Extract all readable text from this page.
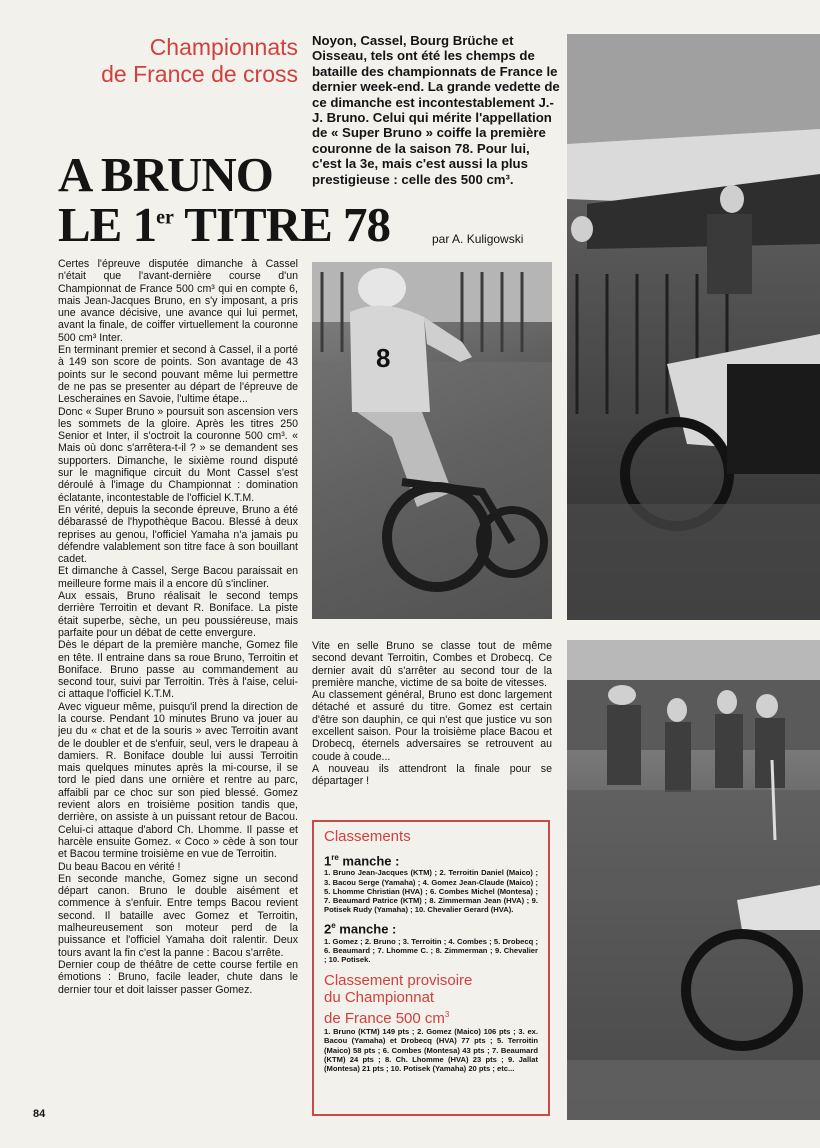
Championnats
de France de cross
Noyon, Cassel, Bourg Brüche et Oisseau, tels ont été les chemps de bataille des championnats de France le dernier week-end. La grande vedette de ce dimanche est incontestablement J.-J. Bruno. Celui qui mérite l'appellation de « Super Bruno » coiffe la première couronne de la saison 78. Pour lui, c'est la 3e, mais c'est aussi la plus prestigieuse : celle des 500 cm³.
A BRUNO
LE 1er TITRE 78	par A. Kuligowski

Certes l'épreuve disputée dimanche à Cassel n'était que l'avant-dernière course d'un Championnat de France 500 cm³ qui en compte 6, mais Jean-Jacques Bruno, en s'y imposant, a pris une avance décisive, une avance qui lui permet, avant la finale, de coiffer virtuellement la couronne 500 cm³ Inter.

En terminant premier et second à Cassel, il a porté à 149 son score de points. Son avantage de 43 points sur le second pouvant même lui permettre de ne pas se presenter au départ de l'épreuve de Lescheraines en Savoie, l'ultime étape...

Donc « Super Bruno » poursuit son ascension vers les sommets de la gloire. Après les titres 250 Senior et Inter, il s'octroit la couronne 500 cm³. « Mais où donc s'arrêtera-t-il ? » se demandent ses supporters. Dimanche, le sixième round disputé sur le magnifique circuit du Mont Cassel s'est déroulé à l'image du Championnat : domination éclatante, incontestable de l'officiel K.T.M.

En vérité, depuis la seconde épreuve, Bruno a été débarassé de l'hypothèque Bacou. Blessé à deux reprises au genou, l'officiel Yamaha n'a jamais pu défendre valablement son titre face à son bouillant cadet.

Et dimanche à Cassel, Serge Bacou paraissait en meilleure forme mais il a encore dû s'incliner.

Aux essais, Bruno réalisait le second temps derrière Terroitin et devant R. Boniface. La piste était superbe, sèche, un peu poussiéreuse, mais parfaite pour un débat de cette envergure.

Dès le départ de la première manche, Gomez file en tête. Il entraine dans sa roue Bruno, Terroitin et Boniface. Bruno passe au commandement au second tour, suivi par Terroitin. Très à l'aise, celui-ci attaque l'officiel K.T.M.

Avec vigueur même, puisqu'il prend la direction de la course. Pendant 10 minutes Bruno va jouer au jeu du « chat et de la souris » avec Terroitin avant de le doubler et de s'enfuir, seul, vers le drapeau à damiers. R. Boniface double lui aussi Terroitin mais quelques minutes après la mi-course, il se tord le pied dans une ornière et rentre au parc, affaibli par ce choc sur son pied blessé. Gomez revient alors en troisième position tandis que, derrière, on assiste à un puissant retour de Bacou. Celui-ci attaque d'abord Ch. Lhomme. Il passe et harcèle ensuite Gomez. « Coco » cède à son tour et Bacou termine troisième en vue de Terroitin.

Du beau Bacou en vérité !

En seconde manche, Gomez signe un second départ canon. Bruno le double aisément et commence à s'enfuir. Entre temps Bacou revient second. Il bataille avec Gomez et Terroitin, malheureusement son moteur perd de la puissance et l'officiel Yamaha doit ralentir. Deux tours avant la fin c'est la panne : Bacou s'arrête.

Dernier coup de théâtre de cette course fertile en émotions : Bruno, facile leader, chute dans le dernier tour et doit laisser passer Gomez.

8

Vite en selle Bruno se classe tout de même second devant Terroitin, Combes et Drobecq. Ce dernier avait dû s'arrêter au second tour de la première manche, victime de sa boite de vitesses.

Au classement général, Bruno est donc largement détaché et assuré du titre. Gomez est certain d'être son dauphin, ce qui n'est que justice vu son excellent saison. Pour la troisième place Bacou et Drobecq, éternels adversaires se retrouvent au coude à coude...

A nouveau ils attendront la finale pour se départager !

Classements
1re manche :
1. Bruno Jean-Jacques (KTM) ; 2. Terroitin Daniel (Maico) ; 3. Bacou Serge (Yamaha) ; 4. Gomez Jean-Claude (Maico) ; 5. Lhomme Christian (HVA) ; 6. Combes Michel (Montesa) ; 7. Beaumard Patrice (KTM) ; 8. Zimmerman Jean (HVA) ; 9. Potisek Rudy (Yamaha) ; 10. Chevalier Gerard (HVA).
2e manche :
1. Gomez ; 2. Bruno ; 3. Terroitin ; 4. Combes ; 5. Drobecq ; 6. Beaumard ; 7. Lhomme C. ; 8. Zimmerman ; 9. Chevalier ; 10. Potisek.
Classement provisoire
du Championnat
de France 500 $cm^3$
1. Bruno (KTM) 149 pts ; 2. Gomez (Maico) 106 pts ; 3. ex. Bacou (Yamaha) et Drobecq (HVA) 77 pts ; 5. Terroitin (Maico) 58 pts ; 6. Combes (Montesa) 43 pts ; 7. Beaumard (KTM) 24 pts ; 8. Ch. Lhomme (HVA) 23 pts ; 9. Jallat (Montesa) 21 pts ; 10. Potisek (Yamaha) 20 pts ; etc...
84
